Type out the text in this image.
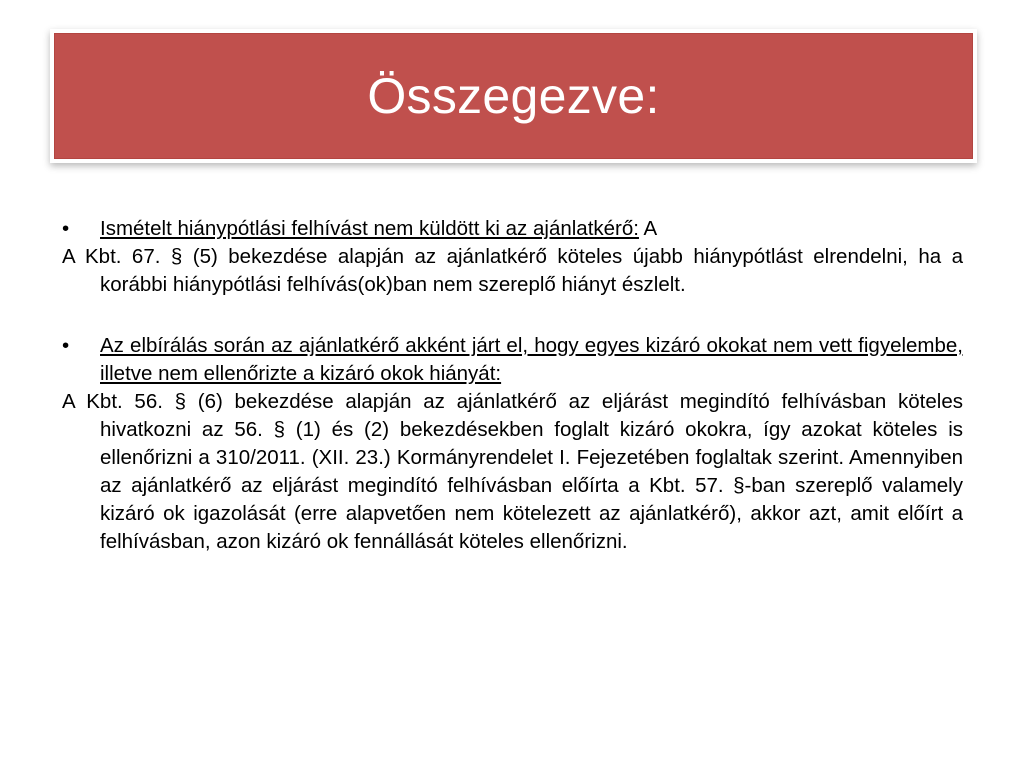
Összegezve:
• Ismételt hiánypótlási felhívást nem küldött ki az ajánlatkérő: A
A Kbt. 67. § (5) bekezdése alapján az ajánlatkérő köteles újabb hiánypótlást elrendelni, ha a korábbi hiánypótlási felhívás(ok)ban nem szereplő hiányt észlelt.
• Az elbírálás során az ajánlatkérő akként járt el, hogy egyes kizáró okokat nem vett figyelembe, illetve nem ellenőrizte a kizáró okok hiányát:
A Kbt. 56. § (6) bekezdése alapján az ajánlatkérő az eljárást megindító felhívásban köteles hivatkozni az 56. § (1) és (2) bekezdésekben foglalt kizáró okokra, így azokat köteles is ellenőrizni a 310/2011. (XII. 23.) Kormányrendelet I. Fejezetében foglaltak szerint. Amennyiben az ajánlatkérő az eljárást megindító felhívásban előírta a Kbt. 57. §-ban szereplő valamely kizáró ok igazolását (erre alapvetően nem kötelezett az ajánlatkérő), akkor azt, amit előírt a felhívásban, azon kizáró ok fennállását köteles ellenőrizni.
